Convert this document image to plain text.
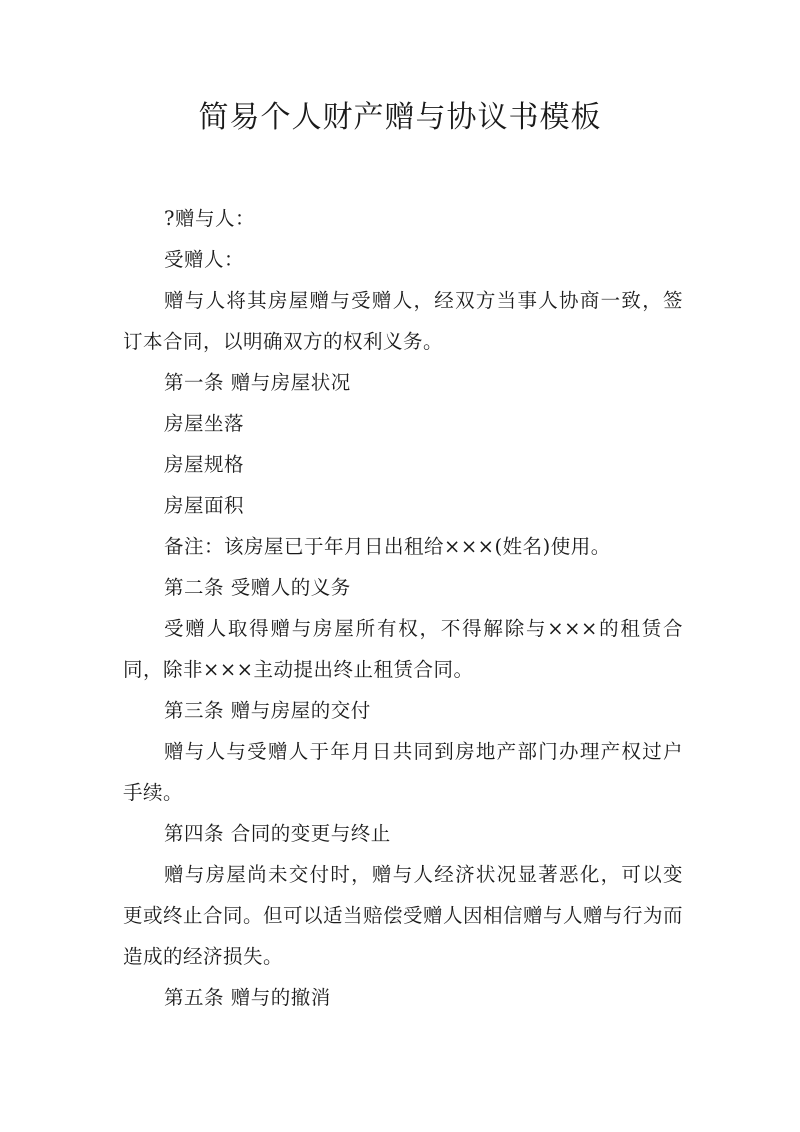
简易个人财产赠与协议书模板

?赠与人：

受赠人：

赠与人将其房屋赠与受赠人，经双方当事人协商一致，签订本合同，以明确双方的权利义务。

第一条 赠与房屋状况

房屋坐落

房屋规格

房屋面积

备注：该房屋已于年月日出租给×××(姓名)使用。

第二条 受赠人的义务

受赠人取得赠与房屋所有权，不得解除与×××的租赁合同，除非×××主动提出终止租赁合同。

第三条 赠与房屋的交付

赠与人与受赠人于年月日共同到房地产部门办理产权过户手续。

第四条 合同的变更与终止

赠与房屋尚未交付时，赠与人经济状况显著恶化，可以变更或终止合同。但可以适当赔偿受赠人因相信赠与人赠与行为而造成的经济损失。

第五条 赠与的撤消
